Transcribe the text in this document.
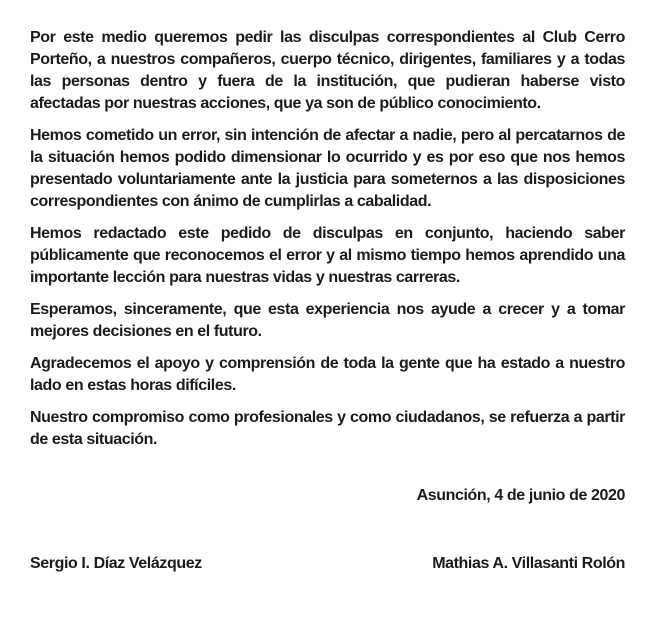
Por este medio queremos pedir las disculpas correspondientes al Club Cerro Porteño, a nuestros compañeros, cuerpo técnico, dirigentes, familiares y a todas las personas dentro y fuera de la institución, que pudieran haberse visto afectadas por nuestras acciones, que ya son de público conocimiento.

Hemos cometido un error, sin intención de afectar a nadie, pero al percatarnos de la situación hemos podido dimensionar lo ocurrido y es por eso que nos hemos presentado voluntariamente ante la justicia para someternos a las disposiciones correspondientes con ánimo de cumplirlas a cabalidad.

Hemos redactado este pedido de disculpas en conjunto, haciendo saber públicamente que reconocemos el error y al mismo tiempo hemos aprendido una importante lección para nuestras vidas y nuestras carreras.

Esperamos, sinceramente, que esta experiencia nos ayude a crecer y a tomar mejores decisiones en el futuro.

Agradecemos el apoyo y comprensión de toda la gente que ha estado a nuestro lado en estas horas difíciles.

Nuestro compromiso como profesionales y como ciudadanos, se refuerza a partir de esta situación.

Asunción, 4 de junio de 2020
Sergio I. Díaz Velázquez	Mathias A. Villasanti Rolón
